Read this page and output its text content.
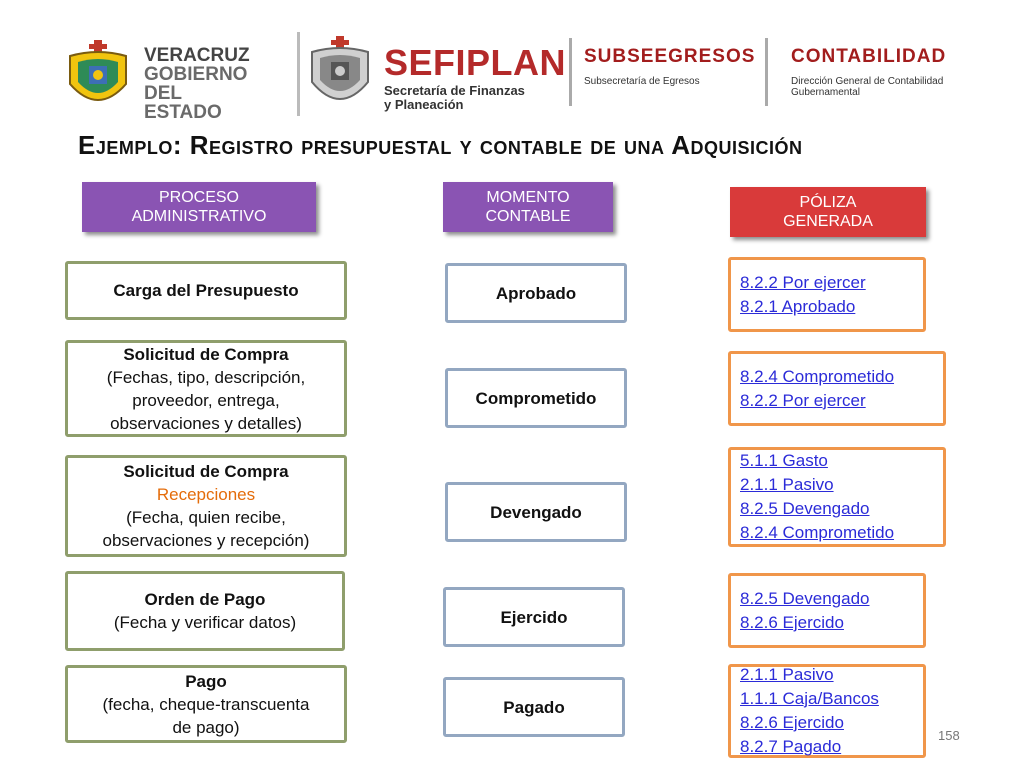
VERACRUZ
GOBIERNO
DEL ESTADO
SEFIPLAN
Secretaría de Finanzas
y Planeación
SUBSEEGRESOS
Subsecretaría de Egresos
CONTABILIDAD
Dirección General de Contabilidad
Gubernamental
Ejemplo: Registro presupuestal y contable de una Adquisición
PROCESO
ADMINISTRATIVO
MOMENTO
CONTABLE
PÓLIZA
GENERADA
Carga del Presupuesto	Aprobado
8.2.2 Por ejercer
8.2.1 Aprobado
Solicitud de Compra
(Fechas, tipo, descripción,
proveedor, entrega,
observaciones y detalles)
Comprometido
8.2.4 Comprometido
8.2.2 Por ejercer
Solicitud de Compra
Recepciones
(Fecha, quien recibe,
observaciones y recepción)
Devengado
5.1.1 Gasto
2.1.1 Pasivo
8.2.5 Devengado
8.2.4 Comprometido
Orden de Pago
(Fecha y verificar datos)	Ejercido
8.2.5 Devengado
8.2.6 Ejercido
Pago
(fecha, cheque-transcuenta
de pago)
Pagado
2.1.1 Pasivo
1.1.1 Caja/Bancos
8.2.6 Ejercido
8.2.7 Pagado
158
